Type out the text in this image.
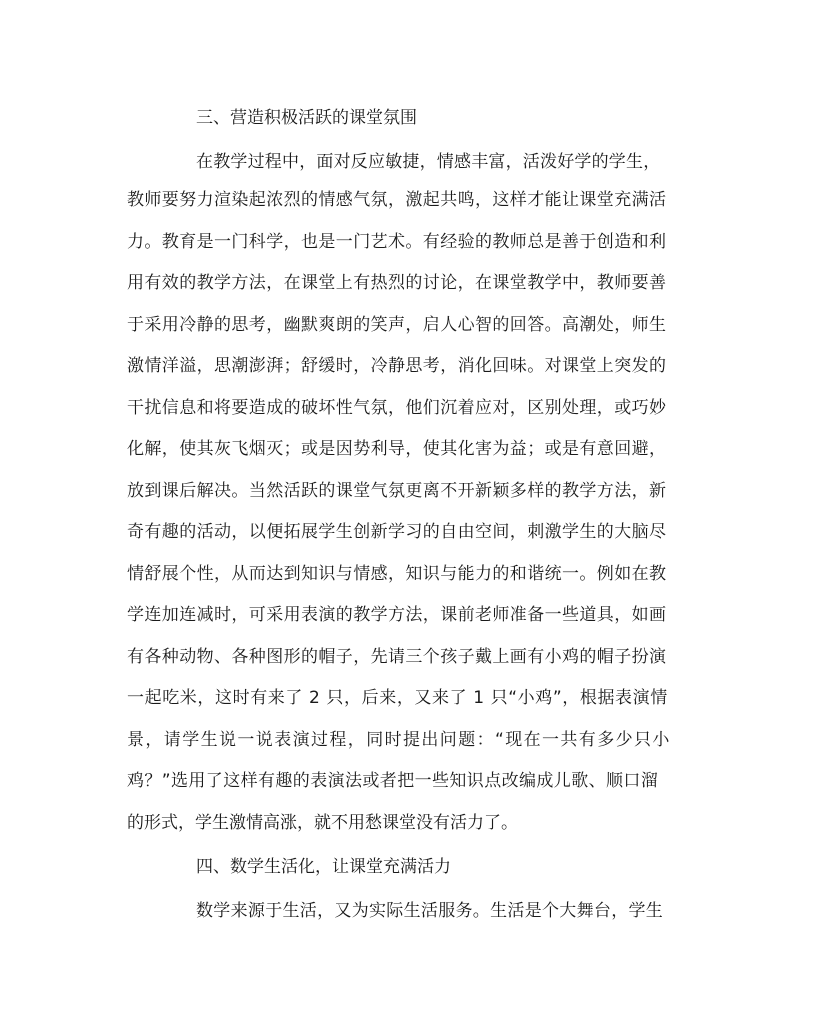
三、营造积极活跃的课堂氛围
在教学过程中，面对反应敏捷，情感丰富，活泼好学的学生，
教师要努力渲染起浓烈的情感气氛，激起共鸣，这样才能让课堂充满活
力。教育是一门科学，也是一门艺术。有经验的教师总是善于创造和利
用有效的教学方法，在课堂上有热烈的讨论，在课堂教学中，教师要善
于采用冷静的思考，幽默爽朗的笑声，启人心智的回答。高潮处，师生
激情洋溢，思潮澎湃；舒缓时，冷静思考，消化回味。对课堂上突发的
干扰信息和将要造成的破坏性气氛，他们沉着应对，区别处理，或巧妙
化解，使其灰飞烟灭；或是因势利导，使其化害为益；或是有意回避，
放到课后解决。当然活跃的课堂气氛更离不开新颖多样的教学方法，新
奇有趣的活动，以便拓展学生创新学习的自由空间，刺激学生的大脑尽
情舒展个性，从而达到知识与情感，知识与能力的和谐统一。例如在教
学连加连减时，可采用表演的教学方法，课前老师准备一些道具，如画
有各种动物、各种图形的帽子，先请三个孩子戴上画有小鸡的帽子扮演
一起吃米，这时有来了 2 只，后来，又来了 1 只“小鸡”，根据表演情
景，请学生说一说表演过程，同时提出问题：“现在一共有多少只小
鸡？”选用了这样有趣的表演法或者把一些知识点改编成儿歌、顺口溜
的形式，学生激情高涨，就不用愁课堂没有活力了。
四、数学生活化，让课堂充满活力
数学来源于生活，又为实际生活服务。生活是个大舞台，学生
